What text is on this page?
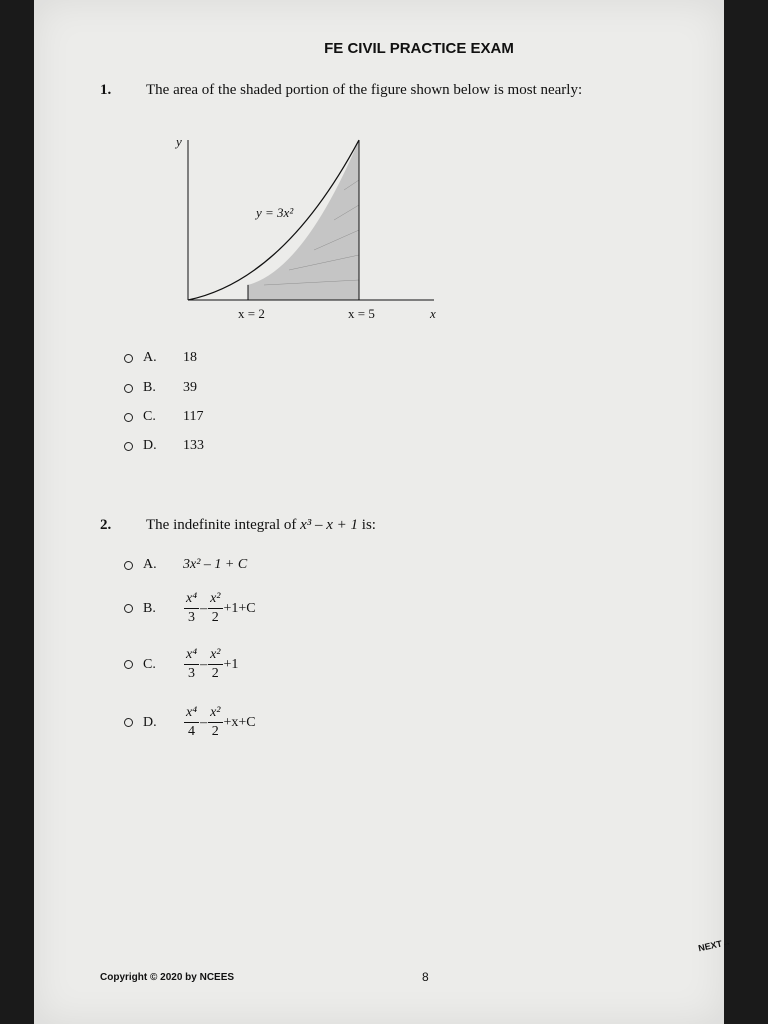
FE CIVIL PRACTICE EXAM
1. The area of the shaded portion of the figure shown below is most nearly:
y
y = 3x²
x = 2	x = 5	x
A.	18
B.	39
C.	117
D.	133
2. The indefinite integral of x³ – x + 1 is:
A.	3x² – 1 + C
B.	$\frac{\text{x⁴}}{3} - \frac{\text{x²}}{2} +1+C$
C.	$\frac{\text{x⁴}}{3} - \frac{\text{x²}}{2} +1$
D.	$\frac{\text{x⁴}}{4} - \frac{\text{x²}}{2} +x+C$
NEXT→
Copyright © 2020 by NCEES	8
